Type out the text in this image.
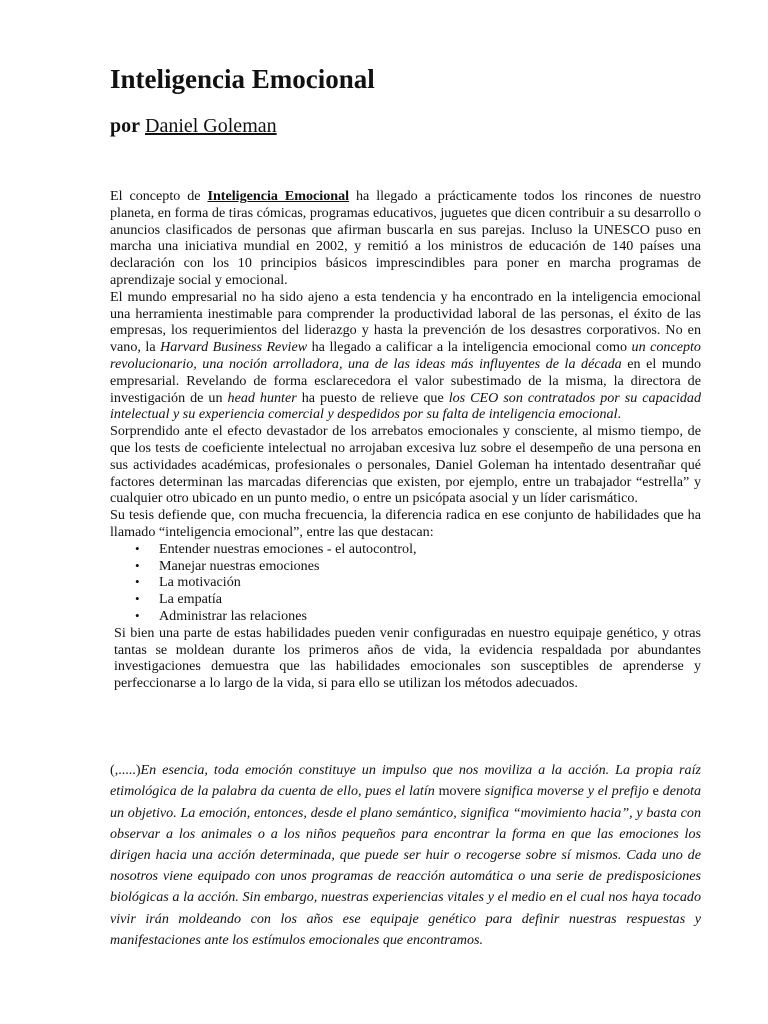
Inteligencia Emocional
por Daniel Goleman

El concepto de Inteligencia Emocional ha llegado a prácticamente todos los rincones de nuestro planeta, en forma de tiras cómicas, programas educativos, juguetes que dicen contribuir a su desarrollo o anuncios clasificados de personas que afirman buscarla en sus parejas. Incluso la UNESCO puso en marcha una iniciativa mundial en 2002, y remitió a los ministros de educación de 140 países una declaración con los 10 principios básicos imprescindibles para poner en marcha programas de aprendizaje social y emocional.

El mundo empresarial no ha sido ajeno a esta tendencia y ha encontrado en la inteligencia emocional una herramienta inestimable para comprender la productividad laboral de las personas, el éxito de las empresas, los requerimientos del liderazgo y hasta la prevención de los desastres corporativos. No en vano, la Harvard Business Review ha llegado a calificar a la inteligencia emocional como un concepto revolucionario, una noción arrolladora, una de las ideas más influyentes de la década en el mundo empresarial. Revelando de forma esclarecedora el valor subestimado de la misma, la directora de investigación de un head hunter ha puesto de relieve que los CEO son contratados por su capacidad intelectual y su experiencia comercial y despedidos por su falta de inteligencia emocional.

Sorprendido ante el efecto devastador de los arrebatos emocionales y consciente, al mismo tiempo, de que los tests de coeficiente intelectual no arrojaban excesiva luz sobre el desempeño de una persona en sus actividades académicas, profesionales o personales, Daniel Goleman ha intentado desentrañar qué factores determinan las marcadas diferencias que existen, por ejemplo, entre un trabajador “estrella” y cualquier otro ubicado en un punto medio, o entre un psicópata asocial y un líder carismático.

Su tesis defiende que, con mucha frecuencia, la diferencia radica en ese conjunto de habilidades que ha llamado “inteligencia emocional”, entre las que destacan:

• Entender nuestras emociones - el autocontrol,
• Manejar nuestras emociones
• La motivación
• La empatía
• Administrar las relaciones

Si bien una parte de estas habilidades pueden venir configuradas en nuestro equipaje genético, y otras tantas se moldean durante los primeros años de vida, la evidencia respaldada por abundantes investigaciones demuestra que las habilidades emocionales son susceptibles de aprenderse y perfeccionarse a lo largo de la vida, si para ello se utilizan los métodos adecuados.

(,.....)En esencia, toda emoción constituye un impulso que nos moviliza a la acción. La propia raíz etimológica de la palabra da cuenta de ello, pues el latín movere significa moverse y el prefijo e denota un objetivo. La emoción, entonces, desde el plano semántico, significa “movimiento hacia”, y basta con observar a los animales o a los niños pequeños para encontrar la forma en que las emociones los dirigen hacia una acción determinada, que puede ser huir o recogerse sobre sí mismos. Cada uno de nosotros viene equipado con unos programas de reacción automática o una serie de predisposiciones biológicas a la acción. Sin embargo, nuestras experiencias vitales y el medio en el cual nos haya tocado vivir irán moldeando con los años ese equipaje genético para definir nuestras respuestas y manifestaciones ante los estímulos emocionales que encontramos.
